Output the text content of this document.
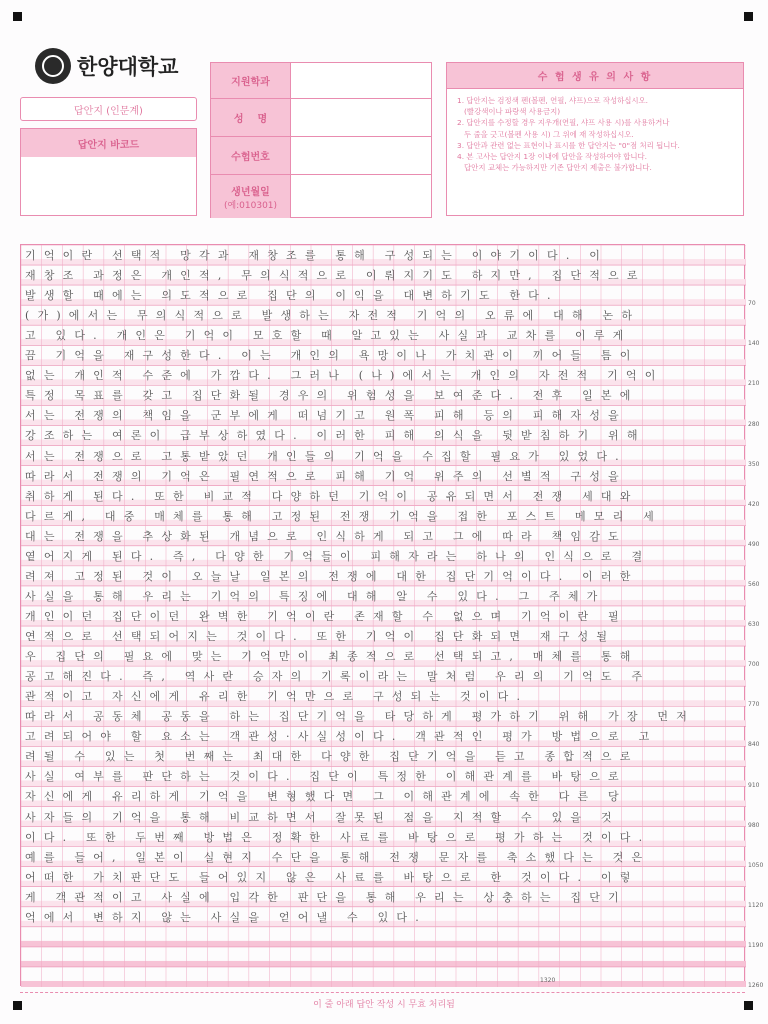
한양대학교
답안지 (인문계)
답안지 바코드
지원학과
성    명
수험번호
생년월일
(예:010301)
수 험 생 유 의 사 항
1. 답안지는 검정색 펜(볼펜, 연필, 샤프)으로 작성하십시오.
(빨강색이나 파랑색 사용금지)
2. 답안지를 수정할 경우 지우개(연필, 샤프 사용 시)를 사용하거나
두 줄을 긋고(볼펜 사용 시) 그 위에 재 작성하십시오.
3. 답안과 관련 없는 표현이나 표시를 한 답안지는 "0"점 처리 됩니다.
4. 본 고사는 답안지 1장 이내에 답안을 작성하여야 합니다.
답안지 교체는 가능하지만 기존 답안지 제출은 불가합니다.
기억이란 선택적 망각과 재창조를 통해 구성되는 이야기이다. 이
재창조 과정은 개인적, 무의식적으로 이뤄지기도 하지만, 집단적으로
발생할 때에는 의도적으로 집단의 이익을 대변하기도 한다.
(가)에서는 무의식적으로 발생하는 자전적 기억의 오류에 대해 논하
고 있다. 개인은 기억이 모호할 때 알고있는 사실과 교차를 이루게
끔 기억을 재구성한다. 이는 개인의 욕망이나 가치관이 끼어들 틈이
없는 개인적 수준에 가깝다. 그러나 (나)에서는 개인의 자전적 기억이
특정 목표를 갖고 집단화될 경우의 위험성을 보여준다. 전후 일본에
서는 전쟁의 책임을 군부에게 떠넘기고 원폭 피해 등의 피해자성을
강조하는 여론이 급부상하였다. 이러한 피해 의식을 뒷받침하기 위해
서는 전쟁으로 고통받았던 개인들의 기억을 수집할 필요가 있었다.
따라서 전쟁의 기억은 필연적으로 피해 기억 위주의 선별적 구성을
취하게 된다. 또한 비교적 다양하던 기억이 공유되면서 전쟁 세대와
다르게, 대중 매체를 통해 고정된 전쟁 기억을 접한 포스트 메모리 세
대는 전쟁을 추상화된 개념으로 인식하게 되고 그에 따라 책임감도
옅어지게 된다. 즉, 다양한 기억들이 피해자라는 하나의 인식으로 결
려져 고정된 것이 오늘날 일본의 전쟁에 대한 집단기억이다. 이러한
사실을 통해 우리는 기억의 특징에 대해 알 수 있다. 그 주체가
개인이던 집단이던 완벽한 기억이란 존재할 수 없으며 기억이란 필
연적으로 선택되어지는 것이다. 또한 기억이 집단화되면 재구성될
우 집단의 필요에 맞는 기억만이 최종적으로 선택되고, 매체를 통해
공고해진다. 즉, 역사란 승자의 기록이라는 말처럼 우리의 기억도 주
관적이고 자신에게 유리한 기억만으로 구성되는 것이다.
따라서 공동체 공동을 하는 집단기억을 타당하게 평가하기 위해 가장 먼저
고려되어야 할 요소는 객관성·사실성이다. 객관적인 평가 방법으로 고
려될 수 있는 첫 번째는 최대한 다양한 집단기억을 듣고 종합적으로
사실 여부를 판단하는 것이다. 집단이 특정한 이해관계를 바탕으로
자신에게 유리하게 기억을 변형했다면 그 이해관계에 속한 다른 당
사자들의 기억을 통해 비교하면서 잘못된 점을 지적할 수 있을 것
이다. 또한 두번째 방법은 정확한 사료를 바탕으로 평가하는 것이다.
예를 들어, 일본이 실현지 수단을 통해 전쟁 문자를 축소했다는 것은
어떠한 가치판단도 들어있지 않은 사료를 바탕으로 한 것이다. 이렇
게 객관적이고 사실에 입각한 판단을 통해 우리는 상충하는 집단기
억에서 변하지 않는 사실을 얻어낼 수 있다.
70
140
210
280
350
420
490
560
630
700
770
840
910
980
1050
1120
1190
1260
1320
이 줄 아래 답안 작성 시 무효 처리됨
